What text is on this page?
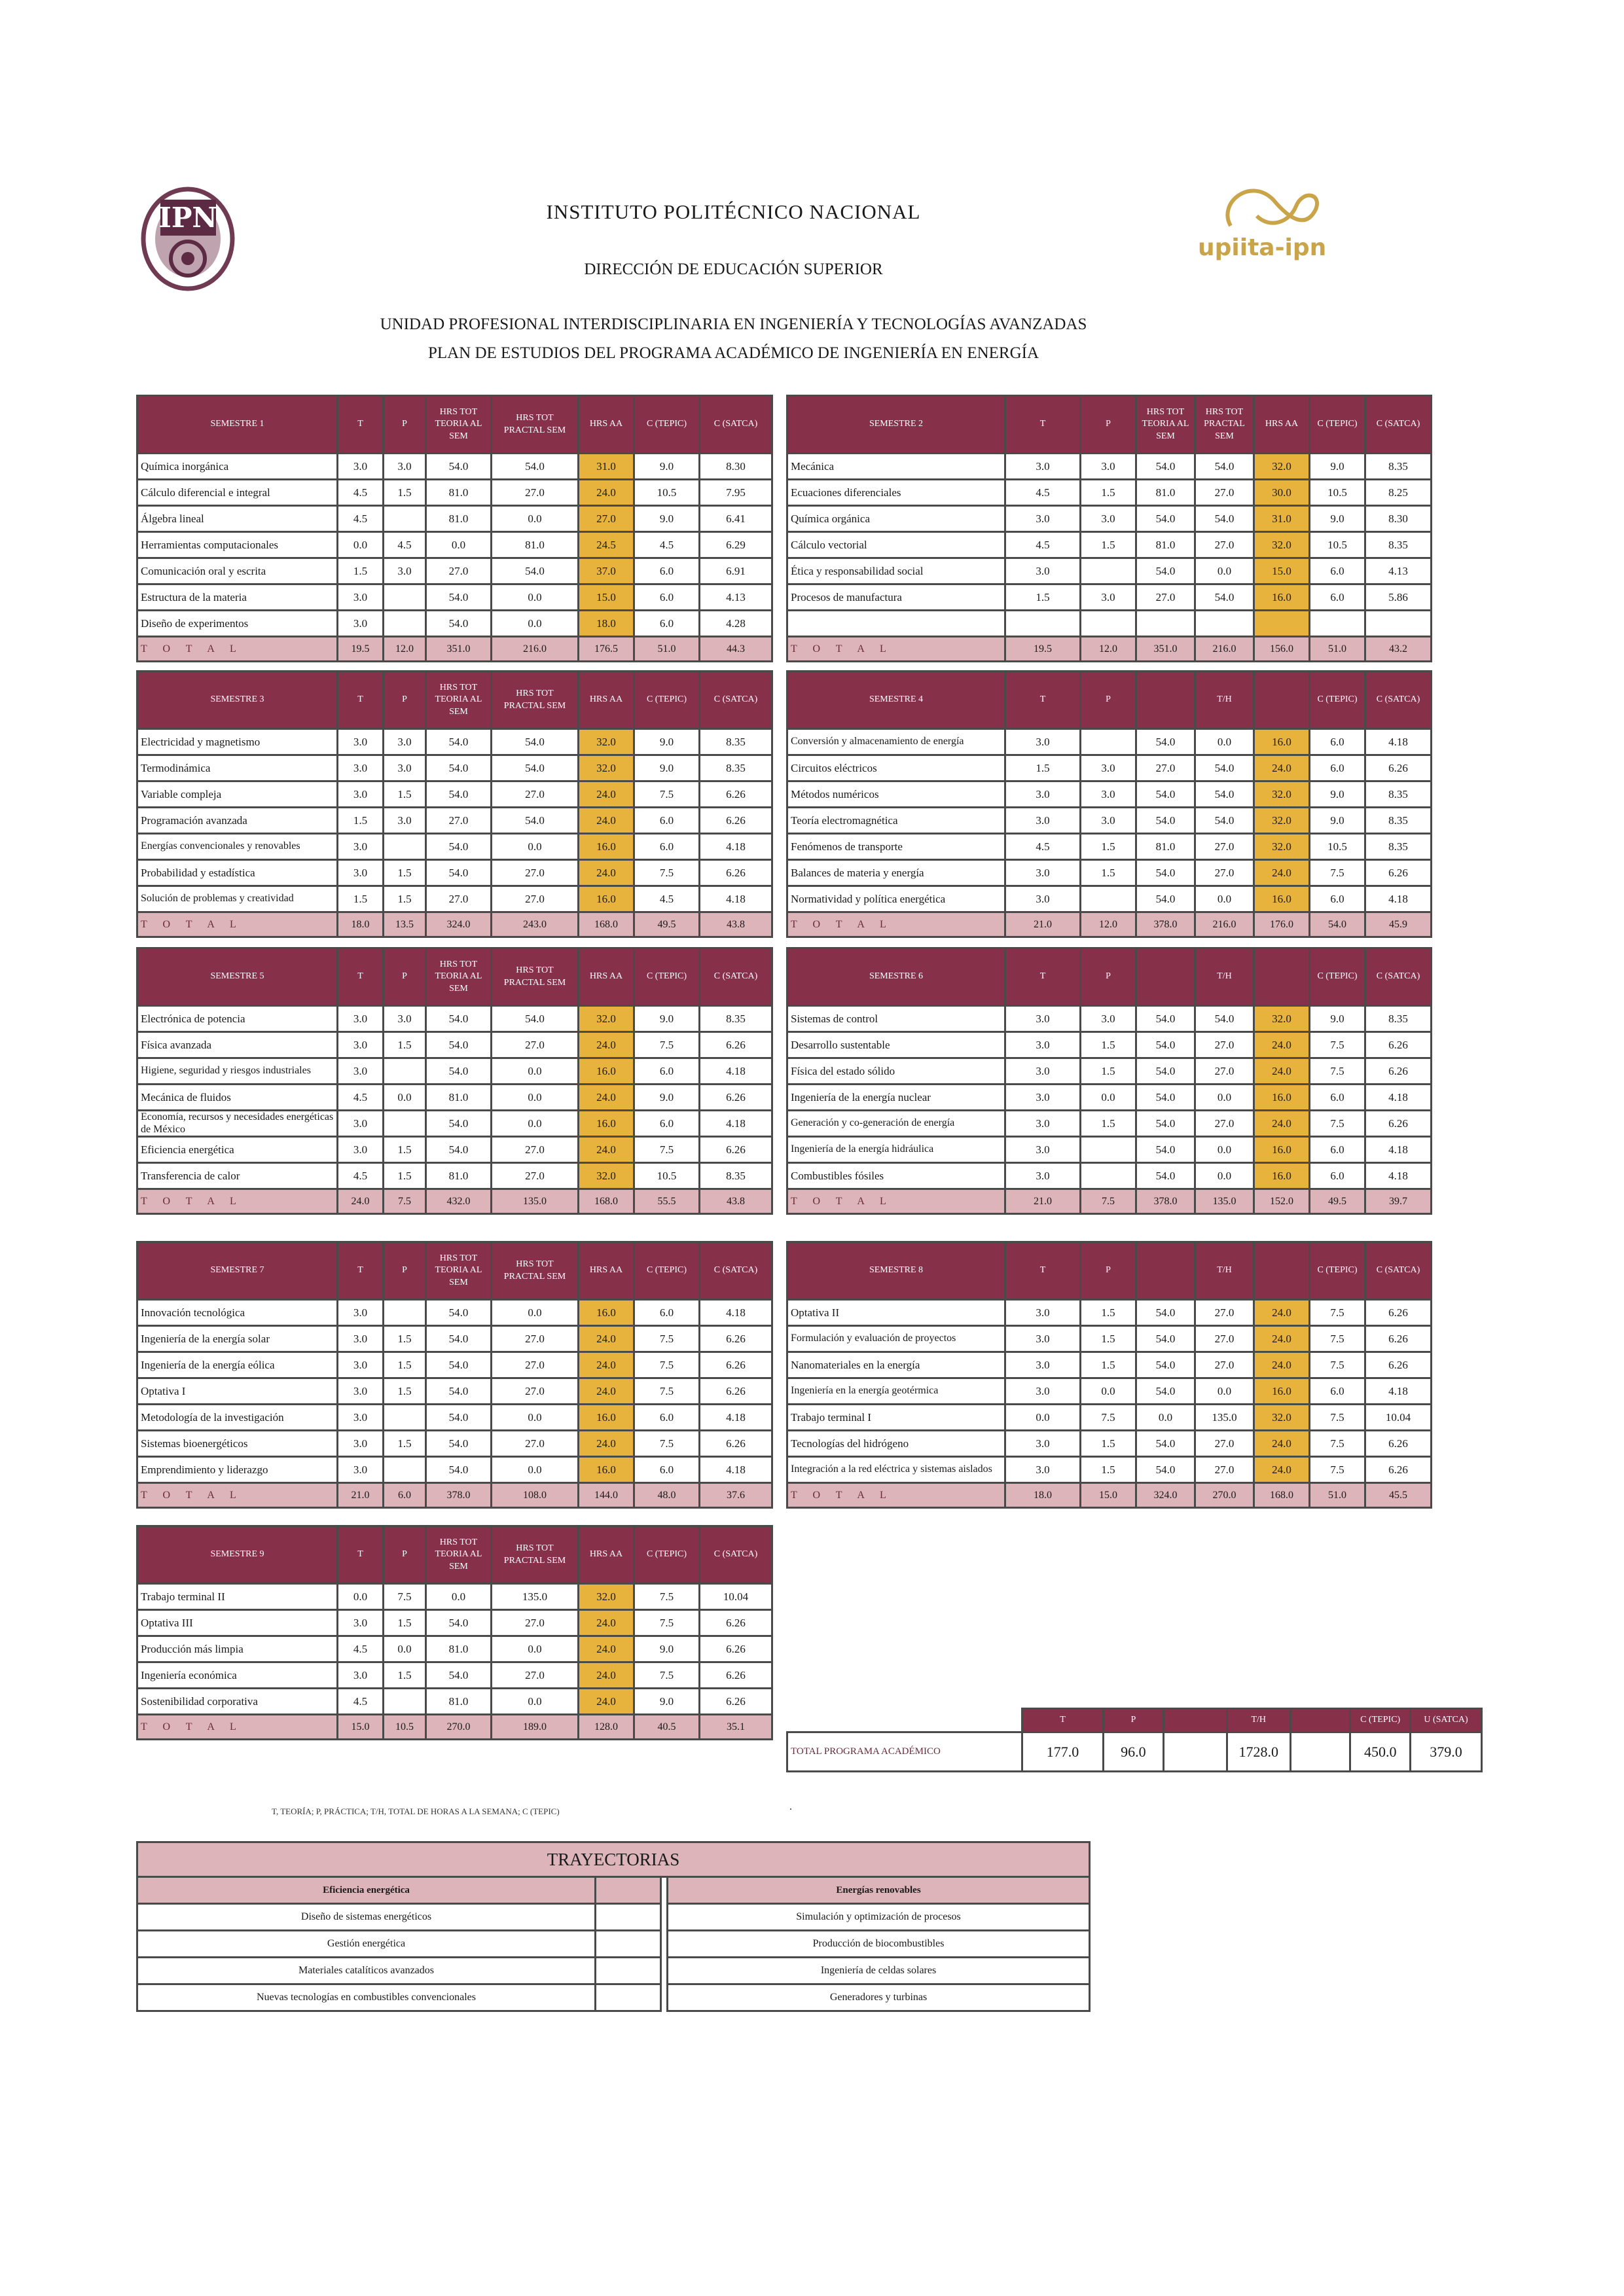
IPN
upiita-ipn
INSTITUTO POLITÉCNICO NACIONAL
DIRECCIÓN DE EDUCACIÓN SUPERIOR
UNIDAD PROFESIONAL INTERDISCIPLINARIA EN INGENIERÍA Y TECNOLOGÍAS AVANZADAS
PLAN DE ESTUDIOS DEL PROGRAMA ACADÉMICO DE INGENIERÍA EN ENERGÍA
SEMESTRE 1	T	P	HRS TOT TEORIA AL SEM	HRS TOT PRACTAL SEM	HRS AA	C (TEPIC)	C (SATCA)
Química inorgánica	3.0	3.0	54.0	54.0	31.0	9.0	8.30
Cálculo diferencial e integral	4.5	1.5	81.0	27.0	24.0	10.5	7.95
Álgebra lineal	4.5		81.0	0.0	27.0	9.0	6.41
Herramientas computacionales	0.0	4.5	0.0	81.0	24.5	4.5	6.29
Comunicación oral y escrita	1.5	3.0	27.0	54.0	37.0	6.0	6.91
Estructura de la materia	3.0		54.0	0.0	15.0	6.0	4.13
Diseño de experimentos	3.0		54.0	0.0	18.0	6.0	4.28
T O T A L	19.5	12.0	351.0	216.0	176.5	51.0	44.3
SEMESTRE 2	T	P	HRS TOT TEORIA AL SEM	HRS TOT PRACTAL SEM	HRS AA	C (TEPIC)	C (SATCA)
Mecánica	3.0	3.0	54.0	54.0	32.0	9.0	8.35
Ecuaciones diferenciales	4.5	1.5	81.0	27.0	30.0	10.5	8.25
Química orgánica	3.0	3.0	54.0	54.0	31.0	9.0	8.30
Cálculo vectorial	4.5	1.5	81.0	27.0	32.0	10.5	8.35
Ética y responsabilidad social	3.0		54.0	0.0	15.0	6.0	4.13
Procesos de manufactura	1.5	3.0	27.0	54.0	16.0	6.0	5.86

T O T A L	19.5	12.0	351.0	216.0	156.0	51.0	43.2
SEMESTRE 3	T	P	HRS TOT TEORIA AL SEM	HRS TOT PRACTAL SEM	HRS AA	C (TEPIC)	C (SATCA)
Electricidad y magnetismo	3.0	3.0	54.0	54.0	32.0	9.0	8.35
Termodinámica	3.0	3.0	54.0	54.0	32.0	9.0	8.35
Variable compleja	3.0	1.5	54.0	27.0	24.0	7.5	6.26
Programación avanzada	1.5	3.0	27.0	54.0	24.0	6.0	6.26
Energías convencionales y renovables	3.0		54.0	0.0	16.0	6.0	4.18
Probabilidad y estadística	3.0	1.5	54.0	27.0	24.0	7.5	6.26
Solución de problemas y creatividad	1.5	1.5	27.0	27.0	16.0	4.5	4.18
T O T A L	18.0	13.5	324.0	243.0	168.0	49.5	43.8
SEMESTRE 4	T	P		T/H		C (TEPIC)	C (SATCA)
Conversión y almacenamiento de energía	3.0		54.0	0.0	16.0	6.0	4.18
Circuitos eléctricos	1.5	3.0	27.0	54.0	24.0	6.0	6.26
Métodos numéricos	3.0	3.0	54.0	54.0	32.0	9.0	8.35
Teoría electromagnética	3.0	3.0	54.0	54.0	32.0	9.0	8.35
Fenómenos de transporte	4.5	1.5	81.0	27.0	32.0	10.5	8.35
Balances de materia y energía	3.0	1.5	54.0	27.0	24.0	7.5	6.26
Normatividad y política energética	3.0		54.0	0.0	16.0	6.0	4.18
T O T A L	21.0	12.0	378.0	216.0	176.0	54.0	45.9
SEMESTRE 5	T	P	HRS TOT TEORIA AL SEM	HRS TOT PRACTAL SEM	HRS AA	C (TEPIC)	C (SATCA)
Electrónica de potencia	3.0	3.0	54.0	54.0	32.0	9.0	8.35
Física avanzada	3.0	1.5	54.0	27.0	24.0	7.5	6.26
Higiene, seguridad y riesgos industriales	3.0		54.0	0.0	16.0	6.0	4.18
Mecánica de fluidos	4.5	0.0	81.0	0.0	24.0	9.0	6.26
Economía, recursos y necesidades energéticas de México	3.0		54.0	0.0	16.0	6.0	4.18
Eficiencia energética	3.0	1.5	54.0	27.0	24.0	7.5	6.26
Transferencia de calor	4.5	1.5	81.0	27.0	32.0	10.5	8.35
T O T A L	24.0	7.5	432.0	135.0	168.0	55.5	43.8
SEMESTRE 6	T	P		T/H		C (TEPIC)	C (SATCA)
Sistemas de control	3.0	3.0	54.0	54.0	32.0	9.0	8.35
Desarrollo sustentable	3.0	1.5	54.0	27.0	24.0	7.5	6.26
Física del estado sólido	3.0	1.5	54.0	27.0	24.0	7.5	6.26
Ingeniería de la energía nuclear	3.0	0.0	54.0	0.0	16.0	6.0	4.18
Generación y co-generación de energía	3.0	1.5	54.0	27.0	24.0	7.5	6.26
Ingeniería de la energía hidráulica	3.0		54.0	0.0	16.0	6.0	4.18
Combustibles fósiles	3.0		54.0	0.0	16.0	6.0	4.18
T O T A L	21.0	7.5	378.0	135.0	152.0	49.5	39.7
SEMESTRE 7	T	P	HRS TOT TEORIA AL SEM	HRS TOT PRACTAL SEM	HRS AA	C (TEPIC)	C (SATCA)
Innovación tecnológica	3.0		54.0	0.0	16.0	6.0	4.18
Ingeniería de la energía solar	3.0	1.5	54.0	27.0	24.0	7.5	6.26
Ingeniería de la energía eólica	3.0	1.5	54.0	27.0	24.0	7.5	6.26
Optativa I	3.0	1.5	54.0	27.0	24.0	7.5	6.26
Metodología de la investigación	3.0		54.0	0.0	16.0	6.0	4.18
Sistemas bioenergéticos	3.0	1.5	54.0	27.0	24.0	7.5	6.26
Emprendimiento y liderazgo	3.0		54.0	0.0	16.0	6.0	4.18
T O T A L	21.0	6.0	378.0	108.0	144.0	48.0	37.6
SEMESTRE 8	T	P		T/H		C (TEPIC)	C (SATCA)
Optativa II	3.0	1.5	54.0	27.0	24.0	7.5	6.26
Formulación y evaluación de proyectos	3.0	1.5	54.0	27.0	24.0	7.5	6.26
Nanomateriales en la energía	3.0	1.5	54.0	27.0	24.0	7.5	6.26
Ingeniería en la energía geotérmica	3.0	0.0	54.0	0.0	16.0	6.0	4.18
Trabajo terminal I	0.0	7.5	0.0	135.0	32.0	7.5	10.04
Tecnologías del hidrógeno	3.0	1.5	54.0	27.0	24.0	7.5	6.26
Integración a la red eléctrica y sistemas aislados	3.0	1.5	54.0	27.0	24.0	7.5	6.26
T O T A L	18.0	15.0	324.0	270.0	168.0	51.0	45.5
SEMESTRE 9	T	P	HRS TOT TEORIA AL SEM	HRS TOT PRACTAL SEM	HRS AA	C (TEPIC)	C (SATCA)
Trabajo terminal II	0.0	7.5	0.0	135.0	32.0	7.5	10.04
Optativa III	3.0	1.5	54.0	27.0	24.0	7.5	6.26
Producción más limpia	4.5	0.0	81.0	0.0	24.0	9.0	6.26
Ingeniería económica	3.0	1.5	54.0	27.0	24.0	7.5	6.26
Sostenibilidad corporativa	4.5		81.0	0.0	24.0	9.0	6.26
T O T A L	15.0	10.5	270.0	189.0	128.0	40.5	35.1
	T	P		T/H		C (TEPIC)	U (SATCA)
TOTAL PROGRAMA ACADÉMICO	177.0	96.0		1728.0		450.0	379.0
T, TEORÍA; P, PRÁCTICA; T/H, TOTAL DE HORAS A LA SEMANA; C (TEPIC)	.
TRAYECTORIAS			
Eficiencia energética			Energías renovables
Diseño de sistemas energéticos			Simulación y optimización de procesos
Gestión energética			Producción de biocombustibles
Materiales catalíticos avanzados			Ingeniería de celdas solares
Nuevas tecnologías en combustibles convencionales			Generadores y turbinas
